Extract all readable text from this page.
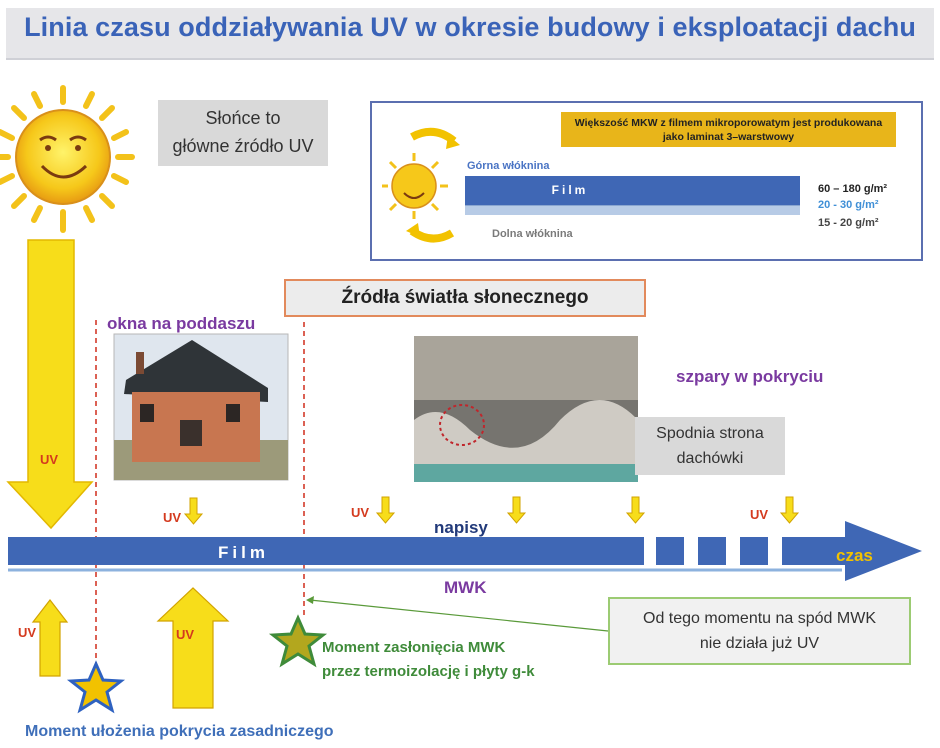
Linia czasu oddziaływania UV w okresie budowy i eksploatacji dachu
Słońce to
główne źródło UV
Większość MKW z filmem mikroporowatym jest produkowana
jako laminat 3–warstwowy
Górna włóknina
Film
Dolna włóknina
60 – 180 g/m²
20 - 30 g/m²
15 - 20 g/m²
Źródła światła słonecznego
okna na poddaszu
szpary w pokryciu
Spodnia strona
dachówki
napisy
Film	czas
MWK
UV
UV	UV	UV
UV	UV
Od tego momentu na spód MWK
nie działa już UV
Moment zasłonięcia MWK
przez termoizolację i płyty g-k
Moment ułożenia pokrycia zasadniczego
